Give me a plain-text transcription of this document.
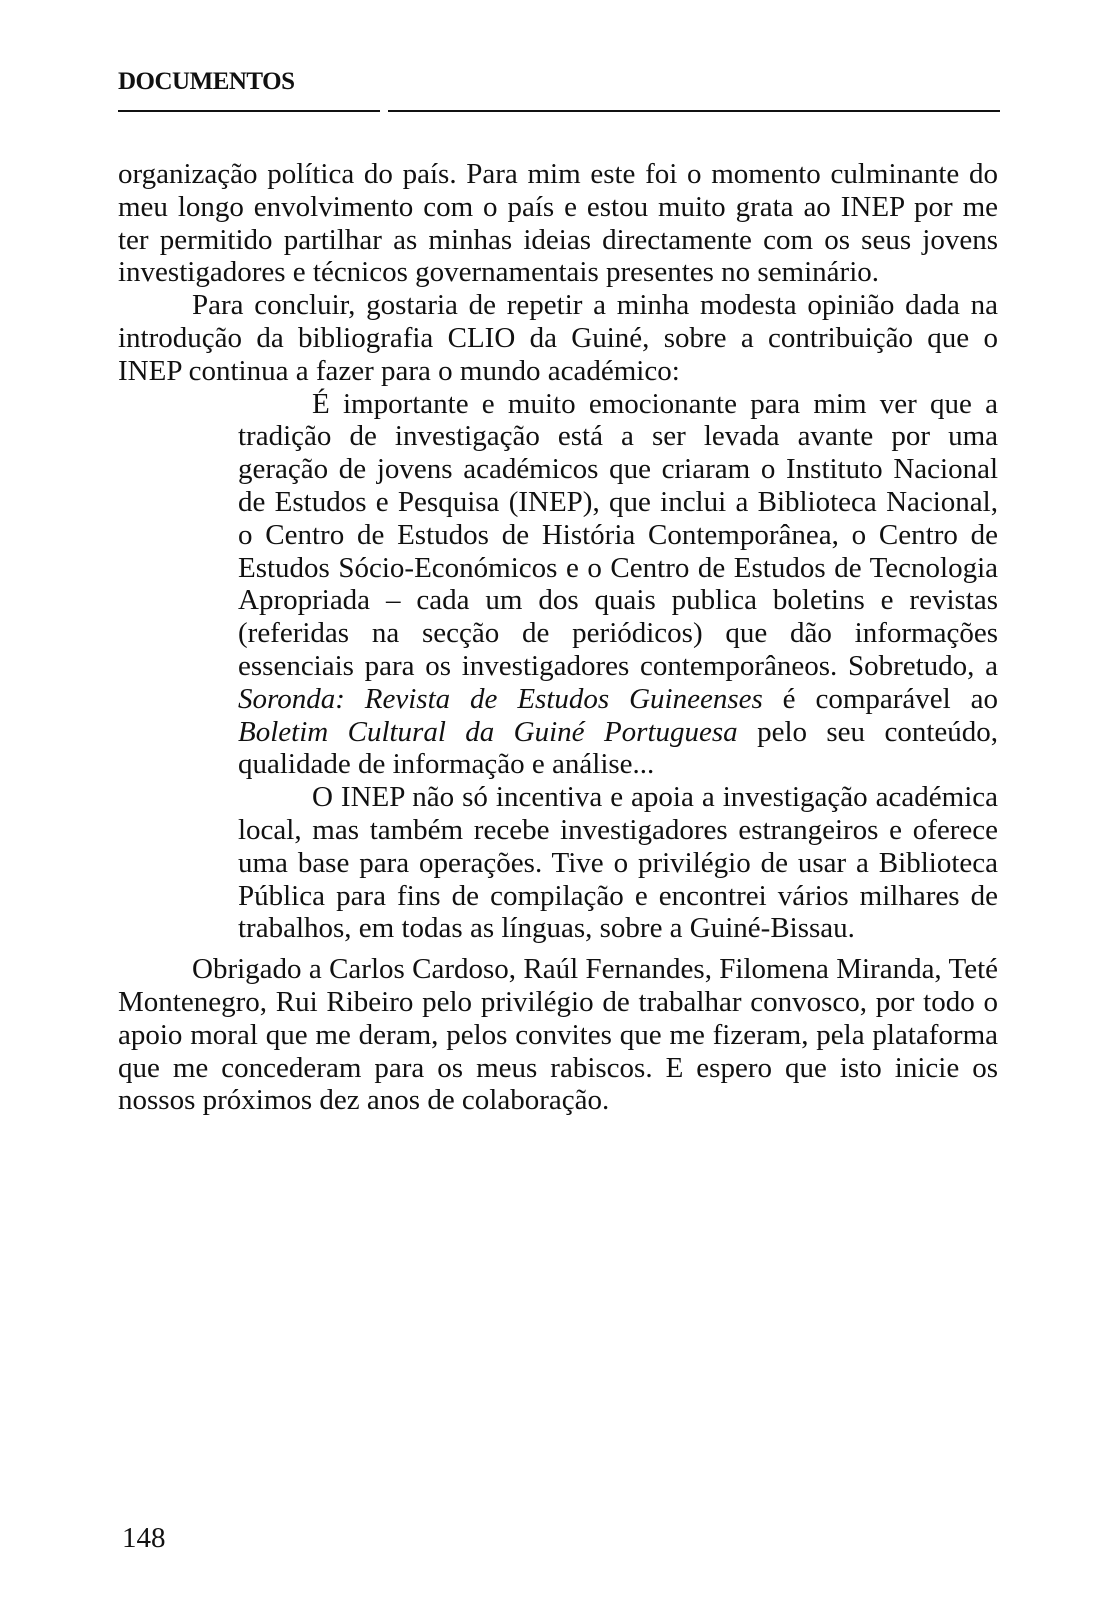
DOCUMENTOS

organização política do país. Para mim este foi o momento culminante do meu longo envolvimento com o país e estou muito grata ao INEP por me ter permitido partilhar as minhas ideias directamente com os seus jovens investigadores e técnicos governamentais presentes no seminário.

Para concluir, gostaria de repetir a minha modesta opinião dada na introdução da bibliografia CLIO da Guiné, sobre a contribuição que o INEP continua a fazer para o mundo académico:

É importante e muito emocionante para mim ver que a tradição de investigação está a ser levada avante por uma geração de jovens académicos que criaram o Instituto Nacional de Estudos e Pesquisa (INEP), que inclui a Biblioteca Nacional, o Centro de Estudos de História Contemporânea, o Centro de Estudos Sócio-Económicos e o Centro de Estudos de Tecnologia Apropriada – cada um dos quais publica boletins e revistas (referidas na secção de periódicos) que dão informações essenciais para os investigadores contemporâneos. Sobretudo, a Soronda: Revista de Estudos Guineenses é comparável ao Boletim Cultural da Guiné Portuguesa pelo seu conteúdo, qualidade de informação e análise...

O INEP não só incentiva e apoia a investigação académica local, mas também recebe investigadores estrangeiros e oferece uma base para operações. Tive o privilégio de usar a Biblioteca Pública para fins de compilação e encontrei vários milhares de trabalhos, em todas as línguas, sobre a Guiné-Bissau.

Obrigado a Carlos Cardoso, Raúl Fernandes, Filomena Miranda, Teté Montenegro, Rui Ribeiro pelo privilégio de trabalhar convosco, por todo o apoio moral que me deram, pelos convites que me fizeram, pela plataforma que me concederam para os meus rabiscos. E espero que isto inicie os nossos próximos dez anos de colaboração.

148
